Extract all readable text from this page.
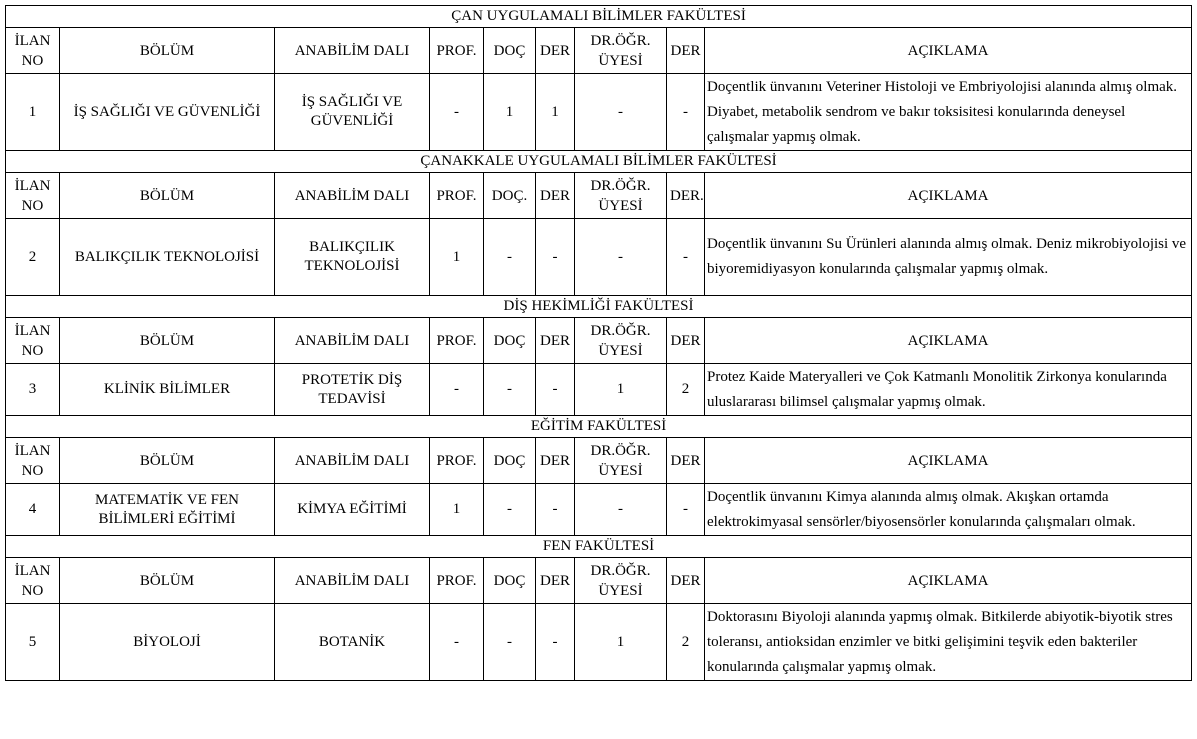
ÇAN UYGULAMALI BİLİMLER FAKÜLTESİ								
İLAN NO	BÖLÜM	ANABİLİM DALI	PROF.	DOÇ	DER	DR.ÖĞR. ÜYESİ	DER	AÇIKLAMA
1	İŞ SAĞLIĞI VE GÜVENLİĞİ	İŞ SAĞLIĞI VE GÜVENLİĞİ	-	1	1	-	-	Doçentlik ünvanını Veteriner Histoloji ve Embriyolojisi alanında almış olmak. Diyabet, metabolik sendrom ve bakır toksisitesi konularında deneysel çalışmalar yapmış olmak.
ÇANAKKALE UYGULAMALI BİLİMLER FAKÜLTESİ								
İLAN NO	BÖLÜM	ANABİLİM DALI	PROF.	DOÇ.	DER	DR.ÖĞR. ÜYESİ	DER.	AÇIKLAMA
2	BALIKÇILIK TEKNOLOJİSİ	BALIKÇILIK TEKNOLOJİSİ	1	-	-	-	-	Doçentlik ünvanını Su Ürünleri alanında almış olmak. Deniz mikrobiyolojisi ve biyoremidiyasyon konularında çalışmalar yapmış olmak.
DİŞ HEKİMLİĞİ FAKÜLTESİ								
İLAN NO	BÖLÜM	ANABİLİM DALI	PROF.	DOÇ	DER	DR.ÖĞR. ÜYESİ	DER	AÇIKLAMA
3	KLİNİK BİLİMLER	PROTETİK DİŞ TEDAVİSİ	-	-	-	1	2	Protez Kaide Materyalleri ve Çok Katmanlı Monolitik Zirkonya konularında uluslararası bilimsel çalışmalar yapmış olmak.
EĞİTİM FAKÜLTESİ								
İLAN NO	BÖLÜM	ANABİLİM DALI	PROF.	DOÇ	DER	DR.ÖĞR. ÜYESİ	DER	AÇIKLAMA
4	MATEMATİK VE FEN BİLİMLERİ EĞİTİMİ	KİMYA EĞİTİMİ	1	-	-	-	-	Doçentlik ünvanını Kimya alanında almış olmak. Akışkan ortamda elektrokimyasal sensörler/biyosensörler konularında çalışmaları olmak.
FEN FAKÜLTESİ								
İLAN NO	BÖLÜM	ANABİLİM DALI	PROF.	DOÇ	DER	DR.ÖĞR. ÜYESİ	DER	AÇIKLAMA
5	BİYOLOJİ	BOTANİK	-	-	-	1	2	Doktorasını Biyoloji alanında yapmış olmak. Bitkilerde abiyotik-biyotik stres toleransı, antioksidan enzimler ve bitki gelişimini teşvik eden bakteriler konularında çalışmalar yapmış olmak.
